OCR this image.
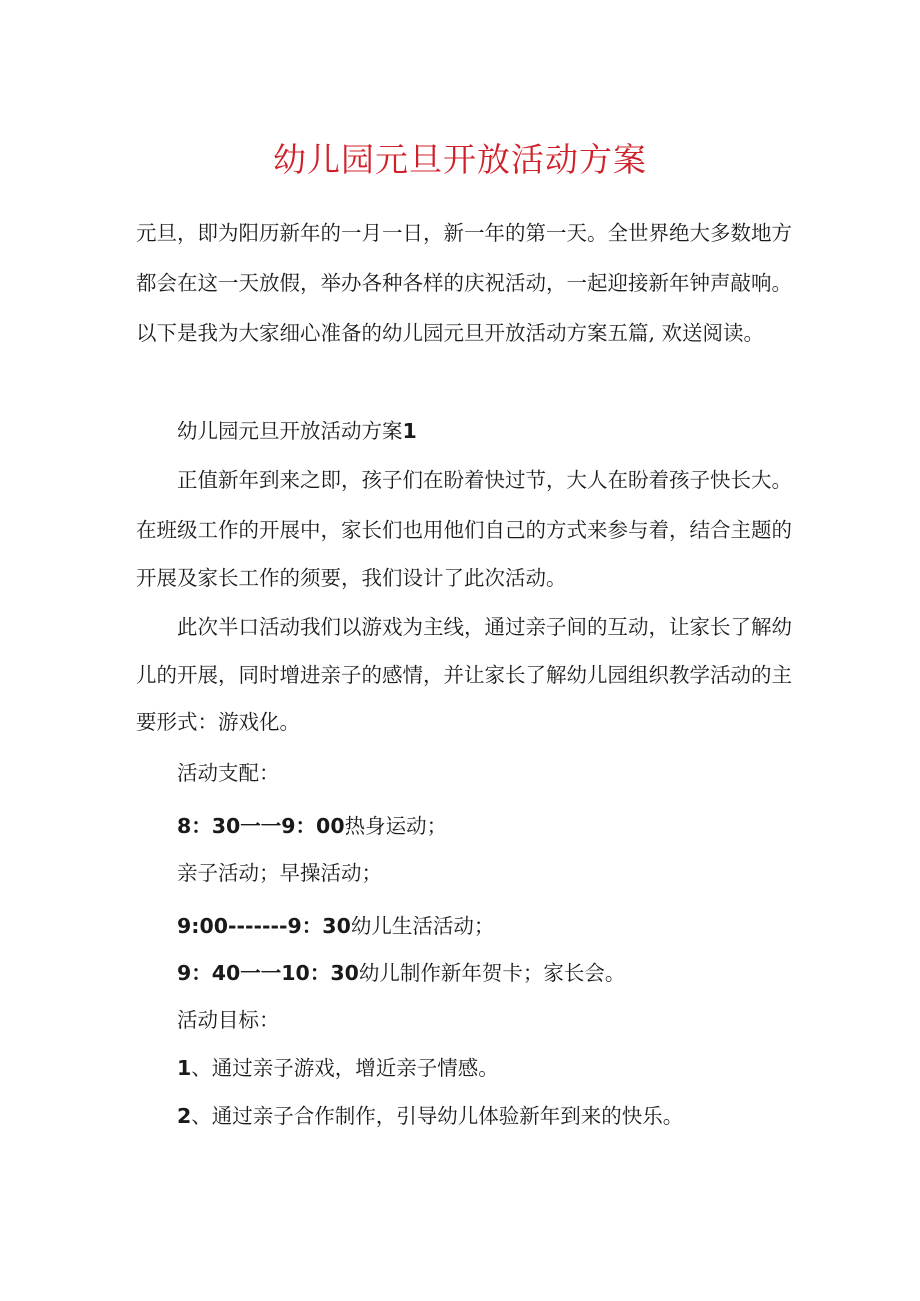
幼儿园元旦开放活动方案

元旦，即为阳历新年的一月一日，新一年的第一天。全世界绝大多数地方

都会在这一天放假，举办各种各样的庆祝活动，一起迎接新年钟声敲响。

以下是我为大家细心准备的幼儿园元旦开放活动方案五篇, 欢送阅读。

幼儿园元旦开放活动方案1

正值新年到来之即，孩子们在盼着快过节，大人在盼着孩子快长大。

在班级工作的开展中，家长们也用他们自己的方式来参与着，结合主题的

开展及家长工作的须要，我们设计了此次活动。

此次半口活动我们以游戏为主线，通过亲子间的互动，让家长了解幼

儿的开展，同时增进亲子的感情，并让家长了解幼儿园组织教学活动的主

要形式：游戏化。

活动支配：

8：30一一9：00热身运动；

亲子活动；早操活动；

9:00-------9：30幼儿生活活动；

9：40一一10：30幼儿制作新年贺卡；家长会。

活动目标：

1、通过亲子游戏，增近亲子情感。

2、通过亲子合作制作，引导幼儿体验新年到来的快乐。
